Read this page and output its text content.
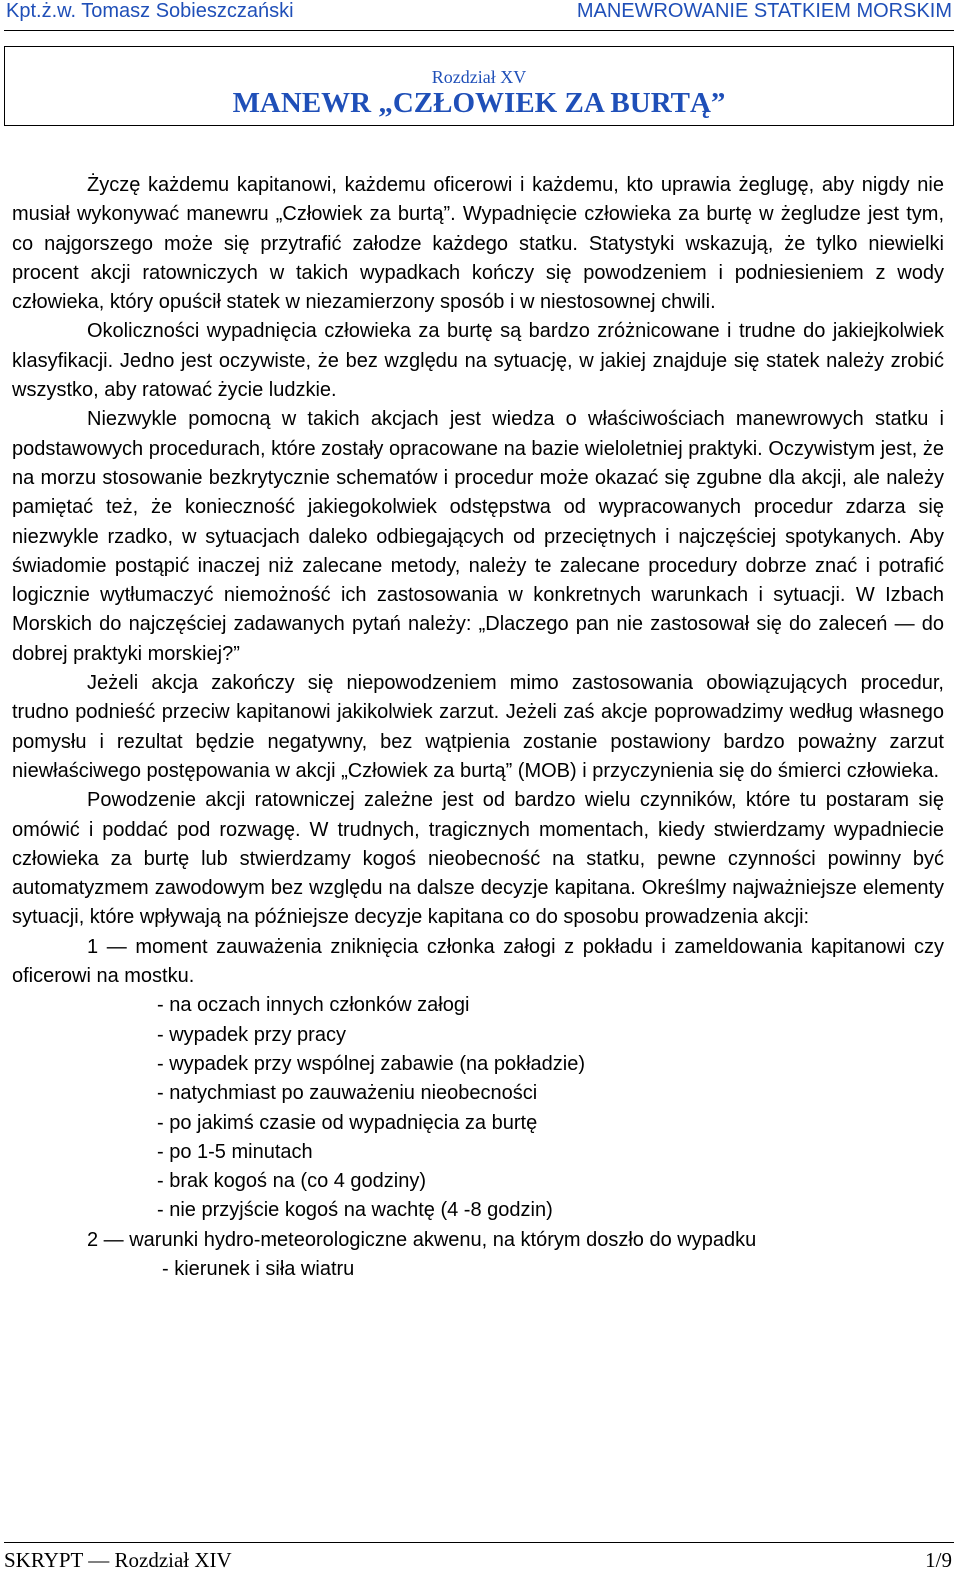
Kpt.ż.w. Tomasz Sobieszczański	MANEWROWANIE STATKIEM MORSKIM
Rozdział XV
MANEWR „CZŁOWIEK ZA BURTĄ”

Życzę każdemu kapitanowi, każdemu oficerowi i każdemu, kto uprawia żeglugę, aby nigdy nie musiał wykonywać manewru „Człowiek za burtą”. Wypadnięcie człowieka za burtę w żegludze jest tym, co najgorszego może się przytrafić załodze każdego statku. Statystyki wskazują, że tylko niewielki procent akcji ratowniczych w takich wypadkach kończy się powodzeniem i podniesieniem z wody człowieka, który opuścił statek w niezamierzony sposób i w niestosownej chwili.

Okoliczności wypadnięcia człowieka za burtę są bardzo zróżnicowane i trudne do jakiejkolwiek klasyfikacji. Jedno jest oczywiste, że bez względu na sytuację, w jakiej znajduje się statek należy zrobić wszystko, aby ratować życie ludzkie.

Niezwykle pomocną w takich akcjach jest wiedza o właściwościach manewrowych statku i podstawowych procedurach, które zostały opracowane na bazie wieloletniej praktyki. Oczywistym jest, że na morzu stosowanie bezkrytycznie schematów i procedur może okazać się zgubne dla akcji, ale należy pamiętać też, że konieczność jakiegokolwiek odstępstwa od wypracowanych procedur zdarza się niezwykle rzadko, w sytuacjach daleko odbiegających od przeciętnych i najczęściej spotykanych. Aby świadomie postąpić inaczej niż zalecane metody, należy te zalecane procedury dobrze znać i potrafić logicznie wytłumaczyć niemożność ich zastosowania w konkretnych warunkach i sytuacji. W Izbach Morskich do najczęściej zadawanych pytań należy: „Dlaczego pan nie zastosował się do zaleceń — do dobrej praktyki morskiej?”

Jeżeli akcja zakończy się niepowodzeniem mimo zastosowania obowiązujących procedur, trudno podnieść przeciw kapitanowi jakikolwiek zarzut. Jeżeli zaś akcje poprowadzimy według własnego pomysłu i rezultat będzie negatywny, bez wątpienia zostanie postawiony bardzo poważny zarzut niewłaściwego postępowania w akcji „Człowiek za burtą” (MOB) i przyczynienia się do śmierci człowieka.

Powodzenie akcji ratowniczej zależne jest od bardzo wielu czynników, które tu postaram się omówić i poddać pod rozwagę. W trudnych, tragicznych momentach, kiedy stwierdzamy wypadniecie człowieka za burtę lub stwierdzamy kogoś nieobecność na statku, pewne czynności powinny być automatyzmem zawodowym bez względu na dalsze decyzje kapitana. Określmy najważniejsze elementy sytuacji, które wpływają na późniejsze decyzje kapitana co do sposobu prowadzenia akcji:

1 — moment zauważenia zniknięcia członka załogi z pokładu i zameldowania kapitanowi czy oficerowi na mostku.

- na oczach innych członków załogi

- wypadek przy pracy

- wypadek przy wspólnej zabawie (na pokładzie)

- natychmiast po zauważeniu nieobecności

- po jakimś czasie od wypadnięcia za burtę

- po 1-5 minutach

- brak kogoś na (co 4 godziny)

- nie przyjście kogoś na wachtę (4 -8 godzin)

2 — warunki hydro-meteorologiczne akwenu, na którym doszło do wypadku

- kierunek i siła wiatru

SKRYPT — Rozdział XIV	1/9
